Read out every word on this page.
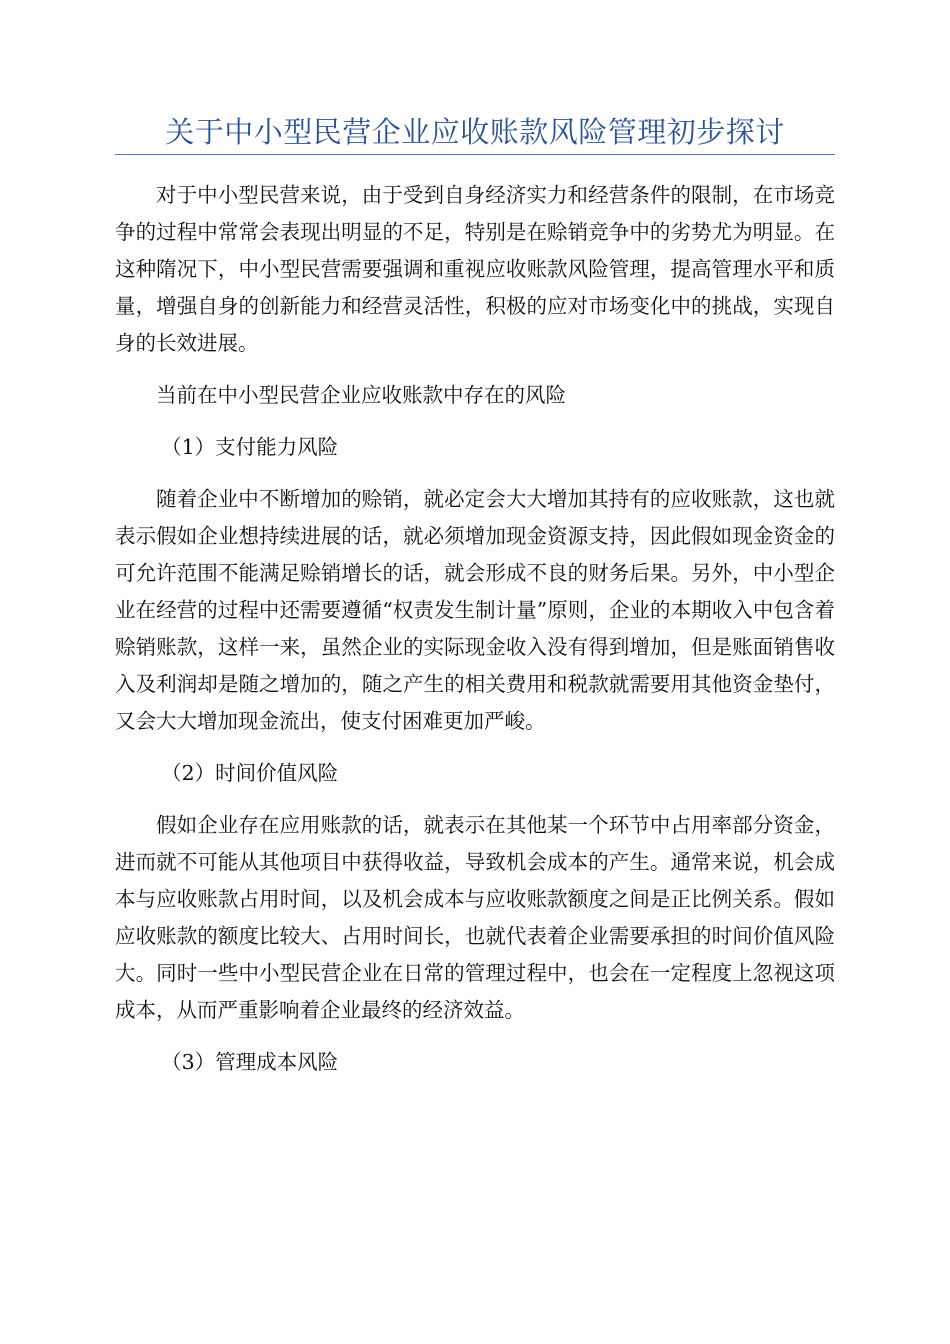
关于中小型民营企业应收账款风险管理初步探讨

对于中小型民营来说，由于受到自身经济实力和经营条件的限制，在市场竞争的过程中常常会表现出明显的不足，特别是在赊销竞争中的劣势尤为明显。在这种隋况下，中小型民营需要强调和重视应收账款风险管理，提高管理水平和质量，增强自身的创新能力和经营灵活性，积极的应对市场变化中的挑战，实现自身的长效进展。

当前在中小型民营企业应收账款中存在的风险

（1）支付能力风险

随着企业中不断增加的赊销，就必定会大大增加其持有的应收账款，这也就表示假如企业想持续进展的话，就必须增加现金资源支持，因此假如现金资金的可允许范围不能满足赊销增长的话，就会形成不良的财务后果。另外，中小型企业在经营的过程中还需要遵循“权责发生制计量”原则，企业的本期收入中包含着赊销账款，这样一来，虽然企业的实际现金收入没有得到增加，但是账面销售收入及利润却是随之增加的，随之产生的相关费用和税款就需要用其他资金垫付，又会大大增加现金流出，使支付困难更加严峻。

（2）时间价值风险

假如企业存在应用账款的话，就表示在其他某一个环节中占用率部分资金，进而就不可能从其他项目中获得收益，导致机会成本的产生。通常来说，机会成本与应收账款占用时间，以及机会成本与应收账款额度之间是正比例关系。假如应收账款的额度比较大、占用时间长，也就代表着企业需要承担的时间价值风险大。同时一些中小型民营企业在日常的管理过程中，也会在一定程度上忽视这项成本，从而严重影响着企业最终的经济效益。

（3）管理成本风险
